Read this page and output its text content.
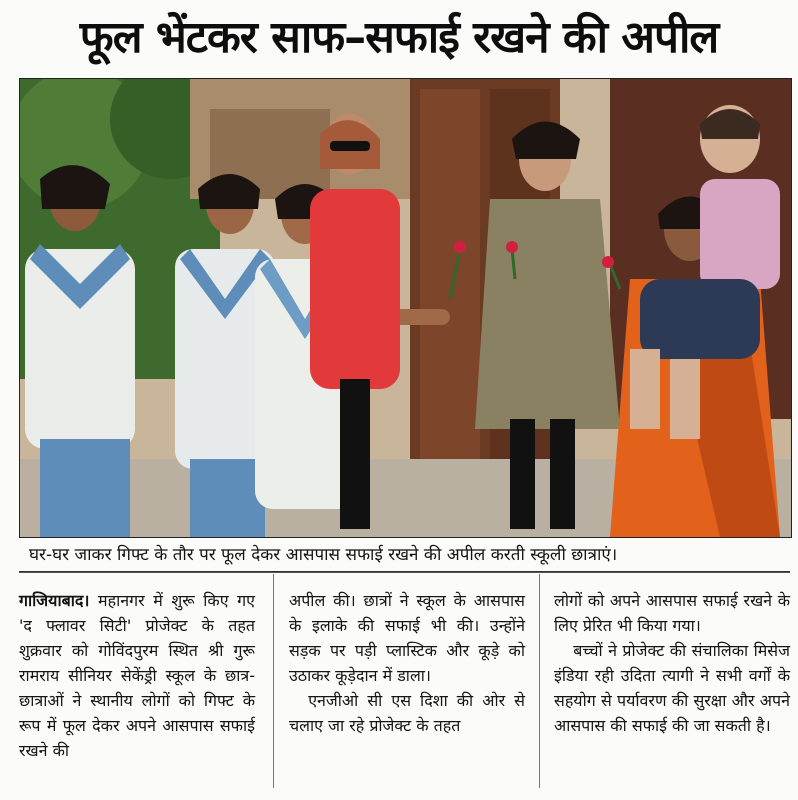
फूल भेंटकर साफ–सफाई रखने की अपील
घर-घर जाकर गिफ्ट के तौर पर फूल देकर आसपास सफाई रखने की अपील करती स्कूली छात्राएं।
गाजियाबाद। महानगर में शुरू किए गए 'द फ्लावर सिटी' प्रोजेक्ट के तहत शुक्रवार को गोविंदपुरम स्थित श्री गुरू रामराय सीनियर सेकेंड्री स्कूल के छात्र-छात्राओं ने स्थानीय लोगों को गिफ्ट के रूप में फूल देकर अपने आसपास सफाई रखने की
अपील की। छात्रों ने स्कूल के आसपास के इलाके की सफाई भी की। उन्होंने सड़क पर पड़ी प्लास्टिक और कूड़े को उठाकर कूड़ेदान में डाला।
एनजीओ सी एस दिशा की ओर से चलाए जा रहे प्रोजेक्ट के तहत
लोगों को अपने आसपास सफाई रखने के लिए प्रेरित भी किया गया।
बच्चों ने प्रोजेक्ट की संचालिका मिसेज इंडिया रही उदिता त्यागी ने सभी वर्गों के सहयोग से पर्यावरण की सुरक्षा और अपने आसपास की सफाई की जा सकती है।
